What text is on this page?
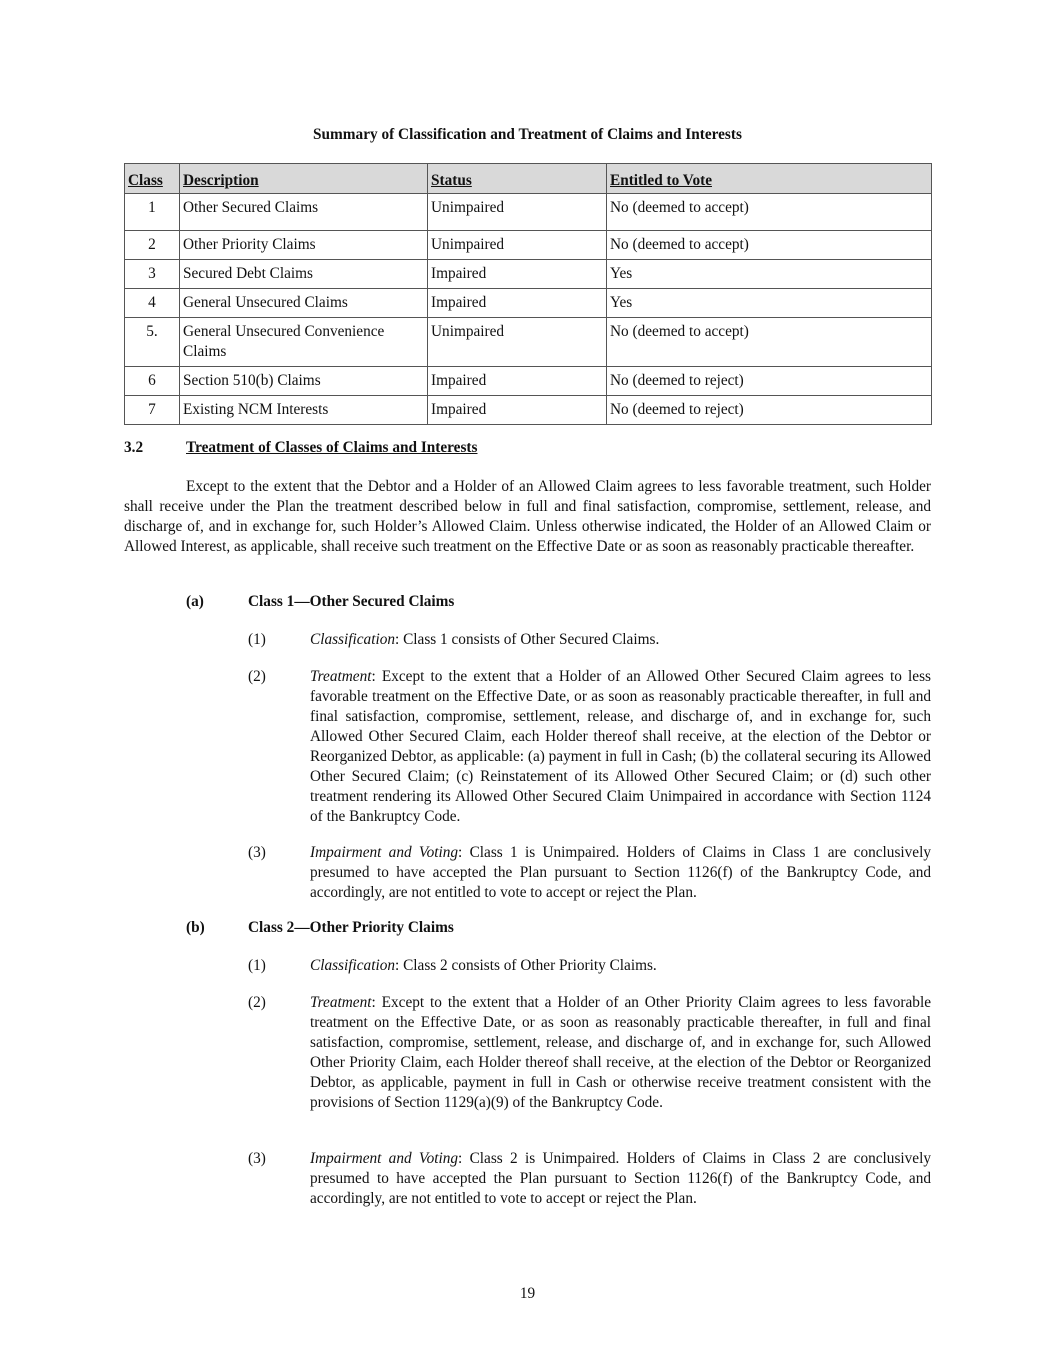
Summary of Classification and Treatment of Claims and Interests
Class	Description	Status	Entitled to Vote
1	Other Secured Claims	Unimpaired	No (deemed to accept)
2	Other Priority Claims	Unimpaired	No (deemed to accept)
3	Secured Debt Claims	Impaired	Yes
4	General Unsecured Claims	Impaired	Yes
5.	General Unsecured Convenience Claims	Unimpaired	No (deemed to accept)
6	Section 510(b) Claims	Impaired	No (deemed to reject)
7	Existing NCM Interests	Impaired	No (deemed to reject)
3.2	Treatment of Classes of Claims and Interests
Except to the extent that the Debtor and a Holder of an Allowed Claim agrees to less favorable treatment, such Holder shall receive under the Plan the treatment described below in full and final satisfaction, compromise, settlement, release, and discharge of, and in exchange for, such Holder’s Allowed Claim. Unless otherwise indicated, the Holder of an Allowed Claim or Allowed Interest, as applicable, shall receive such treatment on the Effective Date or as soon as reasonably practicable thereafter.
(a)	Class 1—Other Secured Claims
(1)	Classification: Class 1 consists of Other Secured Claims.
(2)	Treatment: Except to the extent that a Holder of an Allowed Other Secured Claim agrees to less favorable treatment on the Effective Date, or as soon as reasonably practicable thereafter, in full and final satisfaction, compromise, settlement, release, and discharge of, and in exchange for, such Allowed Other Secured Claim, each Holder thereof shall receive, at the election of the Debtor or Reorganized Debtor, as applicable: (a) payment in full in Cash; (b) the collateral securing its Allowed Other Secured Claim; (c) Reinstatement of its Allowed Other Secured Claim; or (d) such other treatment rendering its Allowed Other Secured Claim Unimpaired in accordance with Section 1124 of the Bankruptcy Code.
(3)	Impairment and Voting: Class 1 is Unimpaired. Holders of Claims in Class 1 are conclusively presumed to have accepted the Plan pursuant to Section 1126(f) of the Bankruptcy Code, and accordingly, are not entitled to vote to accept or reject the Plan.
(b)	Class 2—Other Priority Claims
(1)	Classification: Class 2 consists of Other Priority Claims.
(2)	Treatment: Except to the extent that a Holder of an Other Priority Claim agrees to less favorable treatment on the Effective Date, or as soon as reasonably practicable thereafter, in full and final satisfaction, compromise, settlement, release, and discharge of, and in exchange for, such Allowed Other Priority Claim, each Holder thereof shall receive, at the election of the Debtor or Reorganized Debtor, as applicable, payment in full in Cash or otherwise receive treatment consistent with the provisions of Section 1129(a)(9) of the Bankruptcy Code.
(3)	Impairment and Voting: Class 2 is Unimpaired. Holders of Claims in Class 2 are conclusively presumed to have accepted the Plan pursuant to Section 1126(f) of the Bankruptcy Code, and accordingly, are not entitled to vote to accept or reject the Plan.
19
